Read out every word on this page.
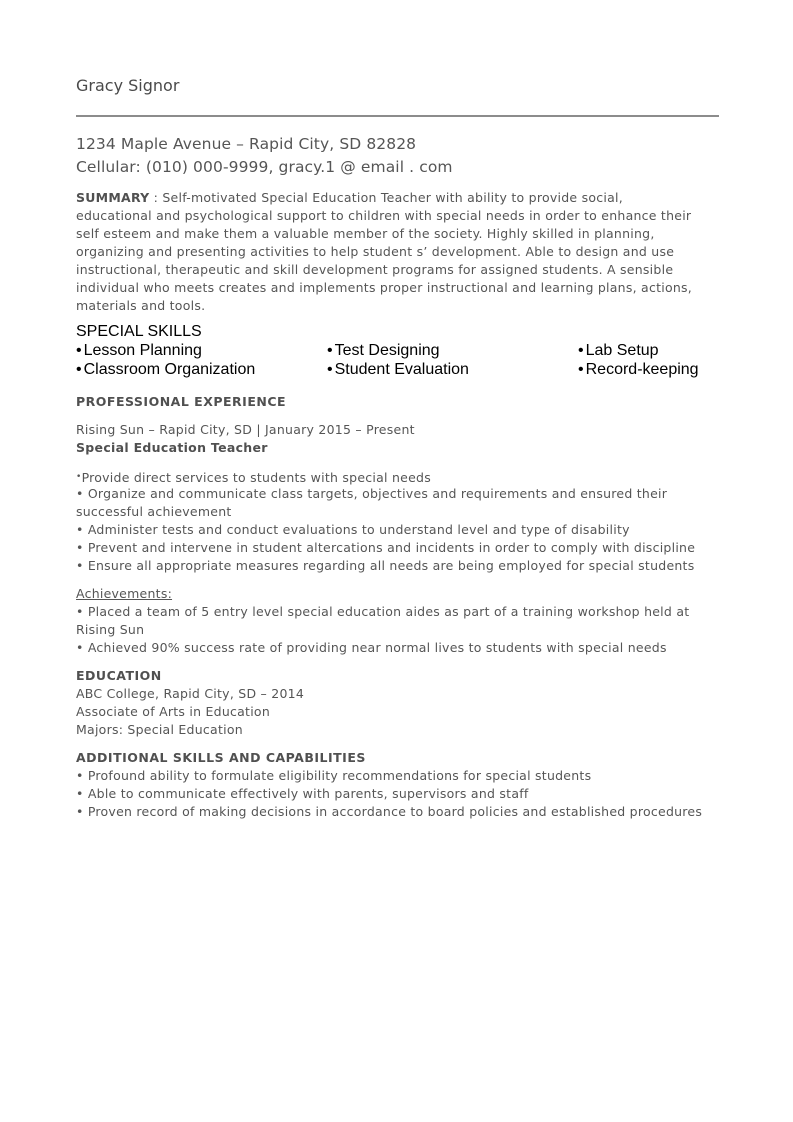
Gracy Signor
1234 Maple Avenue – Rapid City, SD 82828
Cellular: (010) 000-9999, gracy.1 @ email . com
SUMMARY : Self-motivated Special Education Teacher with ability to provide social,
educational and psychological support to children with special needs in order to enhance their
self esteem and make them a valuable member of the society. Highly skilled in planning,
organizing and presenting activities to help student s’ development. Able to design and use
instructional, therapeutic and skill development programs for assigned students. A sensible
individual who meets creates and implements proper instructional and learning plans, actions,
materials and tools.
SPECIAL SKILLS
• Lesson Planning	• Test Designing	• Lab Setup
• Classroom Organization	• Student Evaluation	• Record-keeping
PROFESSIONAL EXPERIENCE
Rising Sun – Rapid City, SD | January 2015 – Present
Special Education Teacher
•Provide direct services to students with special needs
• Organize and communicate class targets, objectives and requirements and ensured their
successful achievement
• Administer tests and conduct evaluations to understand level and type of disability
• Prevent and intervene in student altercations and incidents in order to comply with discipline
• Ensure all appropriate measures regarding all needs are being employed for special students
Achievements:
• Placed a team of 5 entry level special education aides as part of a training workshop held at
Rising Sun
• Achieved 90% success rate of providing near normal lives to students with special needs
EDUCATION
ABC College, Rapid City, SD – 2014
Associate of Arts in Education
Majors: Special Education
ADDITIONAL SKILLS AND CAPABILITIES
• Profound ability to formulate eligibility recommendations for special students
• Able to communicate effectively with parents, supervisors and staff
• Proven record of making decisions in accordance to board policies and established procedures
